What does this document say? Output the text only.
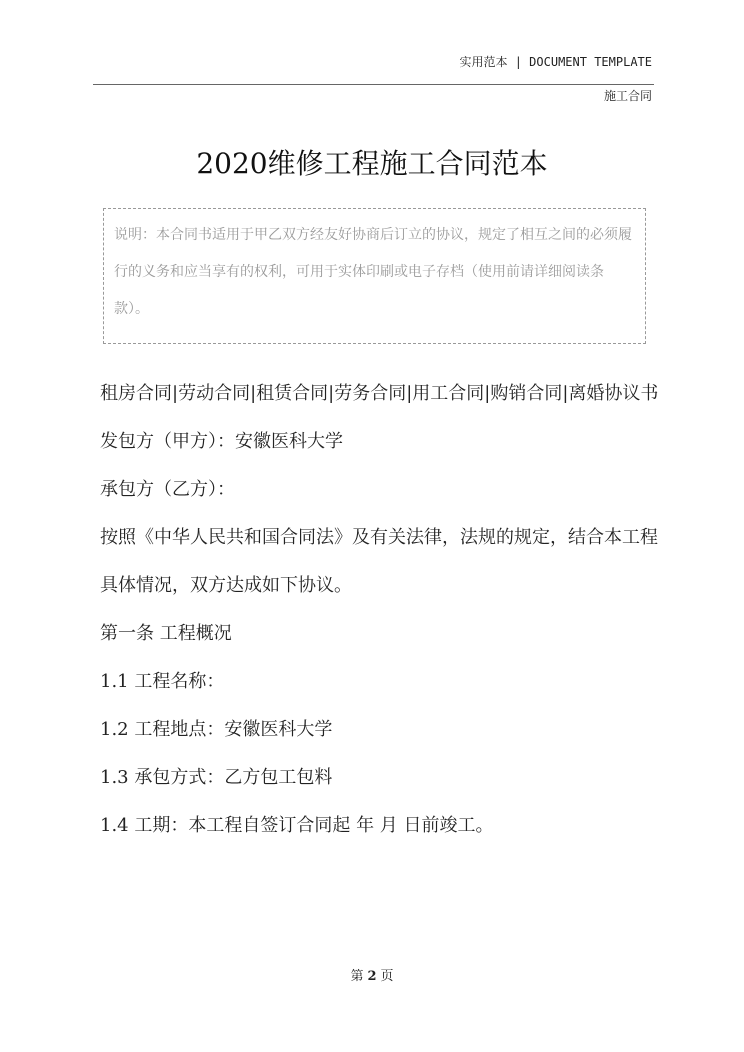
实用范本 | DOCUMENT TEMPLATE
施工合同
2020维修工程施工合同范本
说明：本合同书适用于甲乙双方经友好协商后订立的协议，规定了相互之间的必须履行的义务和应当享有的权利，可用于实体印刷或电子存档（使用前请详细阅读条款）。

租房合同|劳动合同|租赁合同|劳务合同|用工合同|购销合同|离婚协议书

发包方（甲方）：安徽医科大学

承包方（乙方）：

按照《中华人民共和国合同法》及有关法律，法规的规定，结合本工程具体情况，双方达成如下协议。

第一条 工程概况

1.1 工程名称：

1.2 工程地点：安徽医科大学

1.3 承包方式：乙方包工包料

1.4 工期：本工程自签订合同起 年 月 日前竣工。

第 2 页
